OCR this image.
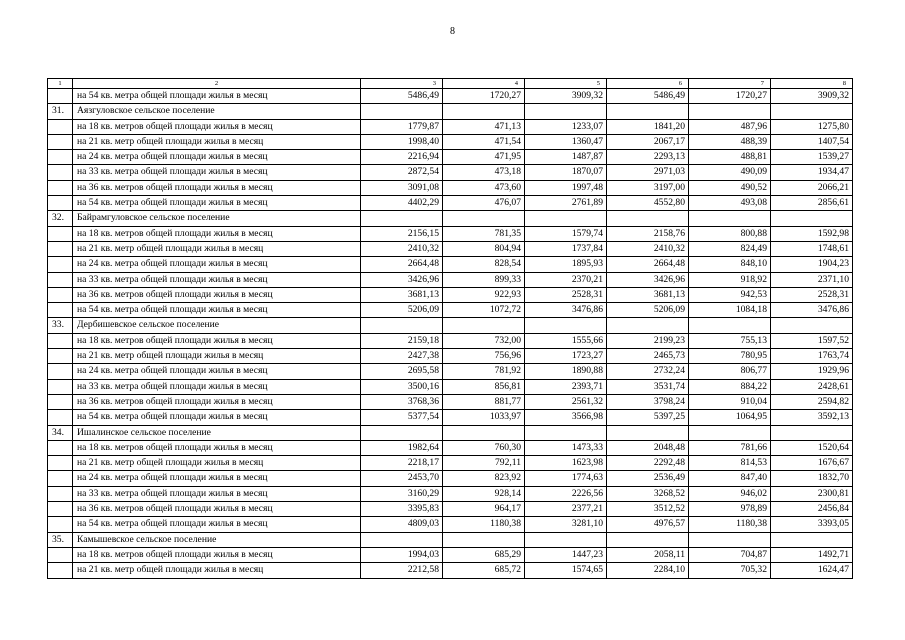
8
1	2	3	4	5	6	7	8
	на 54 кв. метра общей площади жилья в месяц	5486,49	1720,27	3909,32	5486,49	1720,27	3909,32
31.	Аязгуловское сельское поселение						
	на 18 кв. метров общей площади жилья в месяц	1779,87	471,13	1233,07	1841,20	487,96	1275,80
	на 21 кв. метр общей площади жилья в месяц	1998,40	471,54	1360,47	2067,17	488,39	1407,54
	на 24 кв. метра общей площади жилья в месяц	2216,94	471,95	1487,87	2293,13	488,81	1539,27
	на 33 кв. метра общей площади жилья в месяц	2872,54	473,18	1870,07	2971,03	490,09	1934,47
	на 36 кв. метров общей площади жилья в месяц	3091,08	473,60	1997,48	3197,00	490,52	2066,21
	на 54 кв. метра общей площади жилья в месяц	4402,29	476,07	2761,89	4552,80	493,08	2856,61
32.	Байрамгуловское сельское поселение						
	на 18 кв. метров общей площади жилья в месяц	2156,15	781,35	1579,74	2158,76	800,88	1592,98
	на 21 кв. метр общей площади жилья в месяц	2410,32	804,94	1737,84	2410,32	824,49	1748,61
	на 24 кв. метра общей площади жилья в месяц	2664,48	828,54	1895,93	2664,48	848,10	1904,23
	на 33 кв. метра общей площади жилья в месяц	3426,96	899,33	2370,21	3426,96	918,92	2371,10
	на 36 кв. метров общей площади жилья в месяц	3681,13	922,93	2528,31	3681,13	942,53	2528,31
	на 54 кв. метра общей площади жилья в месяц	5206,09	1072,72	3476,86	5206,09	1084,18	3476,86
33.	Дербишевское сельское поселение						
	на 18 кв. метров общей площади жилья в месяц	2159,18	732,00	1555,66	2199,23	755,13	1597,52
	на 21 кв. метр общей площади жилья в месяц	2427,38	756,96	1723,27	2465,73	780,95	1763,74
	на 24 кв. метра общей площади жилья в месяц	2695,58	781,92	1890,88	2732,24	806,77	1929,96
	на 33 кв. метра общей площади жилья в месяц	3500,16	856,81	2393,71	3531,74	884,22	2428,61
	на 36 кв. метров общей площади жилья в месяц	3768,36	881,77	2561,32	3798,24	910,04	2594,82
	на 54 кв. метра общей площади жилья в месяц	5377,54	1033,97	3566,98	5397,25	1064,95	3592,13
34.	Ишалинское сельское поселение						
	на 18 кв. метров общей площади жилья в месяц	1982,64	760,30	1473,33	2048,48	781,66	1520,64
	на 21 кв. метр общей площади жилья в месяц	2218,17	792,11	1623,98	2292,48	814,53	1676,67
	на 24 кв. метра общей площади жилья в месяц	2453,70	823,92	1774,63	2536,49	847,40	1832,70
	на 33 кв. метра общей площади жилья в месяц	3160,29	928,14	2226,56	3268,52	946,02	2300,81
	на 36 кв. метров общей площади жилья в месяц	3395,83	964,17	2377,21	3512,52	978,89	2456,84
	на 54 кв. метра общей площади жилья в месяц	4809,03	1180,38	3281,10	4976,57	1180,38	3393,05
35.	Камышевское сельское поселение						
	на 18 кв. метров общей площади жилья в месяц	1994,03	685,29	1447,23	2058,11	704,87	1492,71
	на 21 кв. метр общей площади жилья в месяц	2212,58	685,72	1574,65	2284,10	705,32	1624,47
